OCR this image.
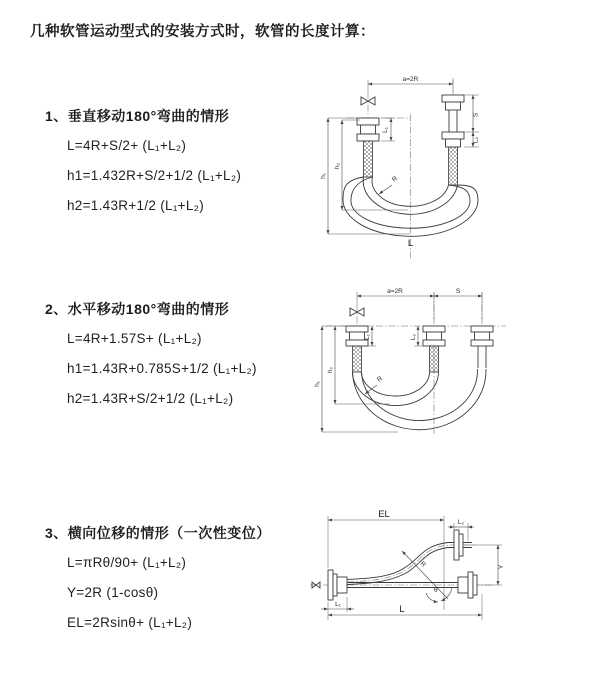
几种软管运动型式的安装方式时，软管的长度计算：

1、垂直移动180°弯曲的情形

L=4R+S/2+ (L₁+L₂)

h1=1.432R+S/2+1/2 (L₁+L₂)

h2=1.43R+1/2 (L₁+L₂)

2、水平移动180°弯曲的情形

L=4R+1.57S+ (L₁+L₂)

h1=1.43R+0.785S+1/2 (L₁+L₂)

h2=1.43R+S/2+1/2 (L₁+L₂)

3、横向位移的情形（一次性变位）

L=πRθ/90+ (L₁+L₂)

Y=2R (1-cosθ)

EL=2Rsinθ+ (L₁+L₂)

a=2R
R
h₁
h₂
L₁
S
L₂
L
a=2R	S
R
h₁
h₂
L₁	L₂
EL
L₂
L
L₁
Y
R
θ
